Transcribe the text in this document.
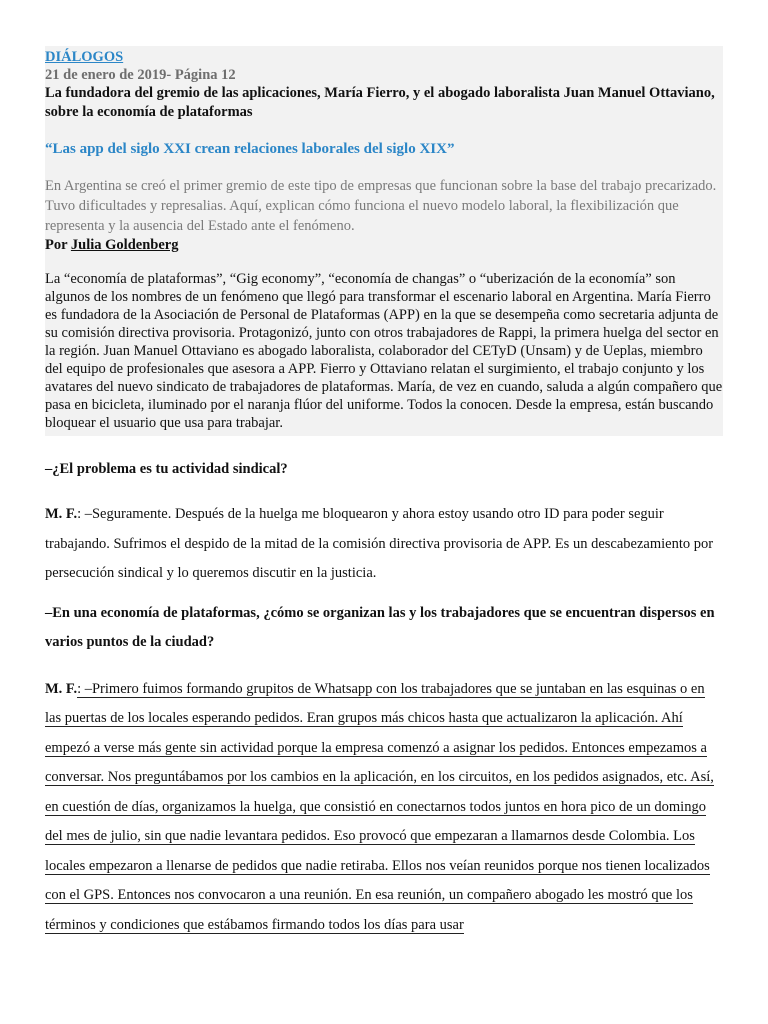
DIÁLOGOS
21 de enero de 2019- Página 12
La fundadora del gremio de las aplicaciones, María Fierro, y el abogado laboralista Juan Manuel Ottaviano, sobre la economía de plataformas
“Las app del siglo XXI crean relaciones laborales del siglo XIX”
En Argentina se creó el primer gremio de este tipo de empresas que funcionan sobre la base del trabajo precarizado. Tuvo dificultades y represalias. Aquí, explican cómo funciona el nuevo modelo laboral, la flexibilización que representa y la ausencia del Estado ante el fenómeno.
Por Julia Goldenberg
La “economía de plataformas”, “Gig economy”, “economía de changas” o “uberización de la economía” son algunos de los nombres de un fenómeno que llegó para transformar el escenario laboral en Argentina. María Fierro es fundadora de la Asociación de Personal de Plataformas (APP) en la que se desempeña como secretaria adjunta de su comisión directiva provisoria. Protagonizó, junto con otros trabajadores de Rappi, la primera huelga del sector en la región. Juan Manuel Ottaviano es abogado laboralista, colaborador del CETyD (Unsam) y de Ueplas, miembro del equipo de profesionales que asesora a APP. Fierro y Ottaviano relatan el surgimiento, el trabajo conjunto y los avatares del nuevo sindicato de trabajadores de plataformas. María, de vez en cuando, saluda a algún compañero que pasa en bicicleta, iluminado por el naranja flúor del uniforme. Todos la conocen. Desde la empresa, están buscando bloquear el usuario que usa para trabajar.
–¿El problema es tu actividad sindical?
M. F.: –Seguramente. Después de la huelga me bloquearon y ahora estoy usando otro ID para poder seguir trabajando. Sufrimos el despido de la mitad de la comisión directiva provisoria de APP. Es un descabezamiento por persecución sindical y lo queremos discutir en la justicia.
–En una economía de plataformas, ¿cómo se organizan las y los trabajadores que se encuentran dispersos en varios puntos de la ciudad?
M. F.: –Primero fuimos formando grupitos de Whatsapp con los trabajadores que se juntaban en las esquinas o en las puertas de los locales esperando pedidos. Eran grupos más chicos hasta que actualizaron la aplicación. Ahí empezó a verse más gente sin actividad porque la empresa comenzó a asignar los pedidos. Entonces empezamos a conversar. Nos preguntábamos por los cambios en la aplicación, en los circuitos, en los pedidos asignados, etc. Así, en cuestión de días, organizamos la huelga, que consistió en conectarnos todos juntos en hora pico de un domingo del mes de julio, sin que nadie levantara pedidos. Eso provocó que empezaran a llamarnos desde Colombia. Los locales empezaron a llenarse de pedidos que nadie retiraba. Ellos nos veían reunidos porque nos tienen localizados con el GPS. Entonces nos convocaron a una reunión. En esa reunión, un compañero abogado les mostró que los términos y condiciones que estábamos firmando todos los días para usar
